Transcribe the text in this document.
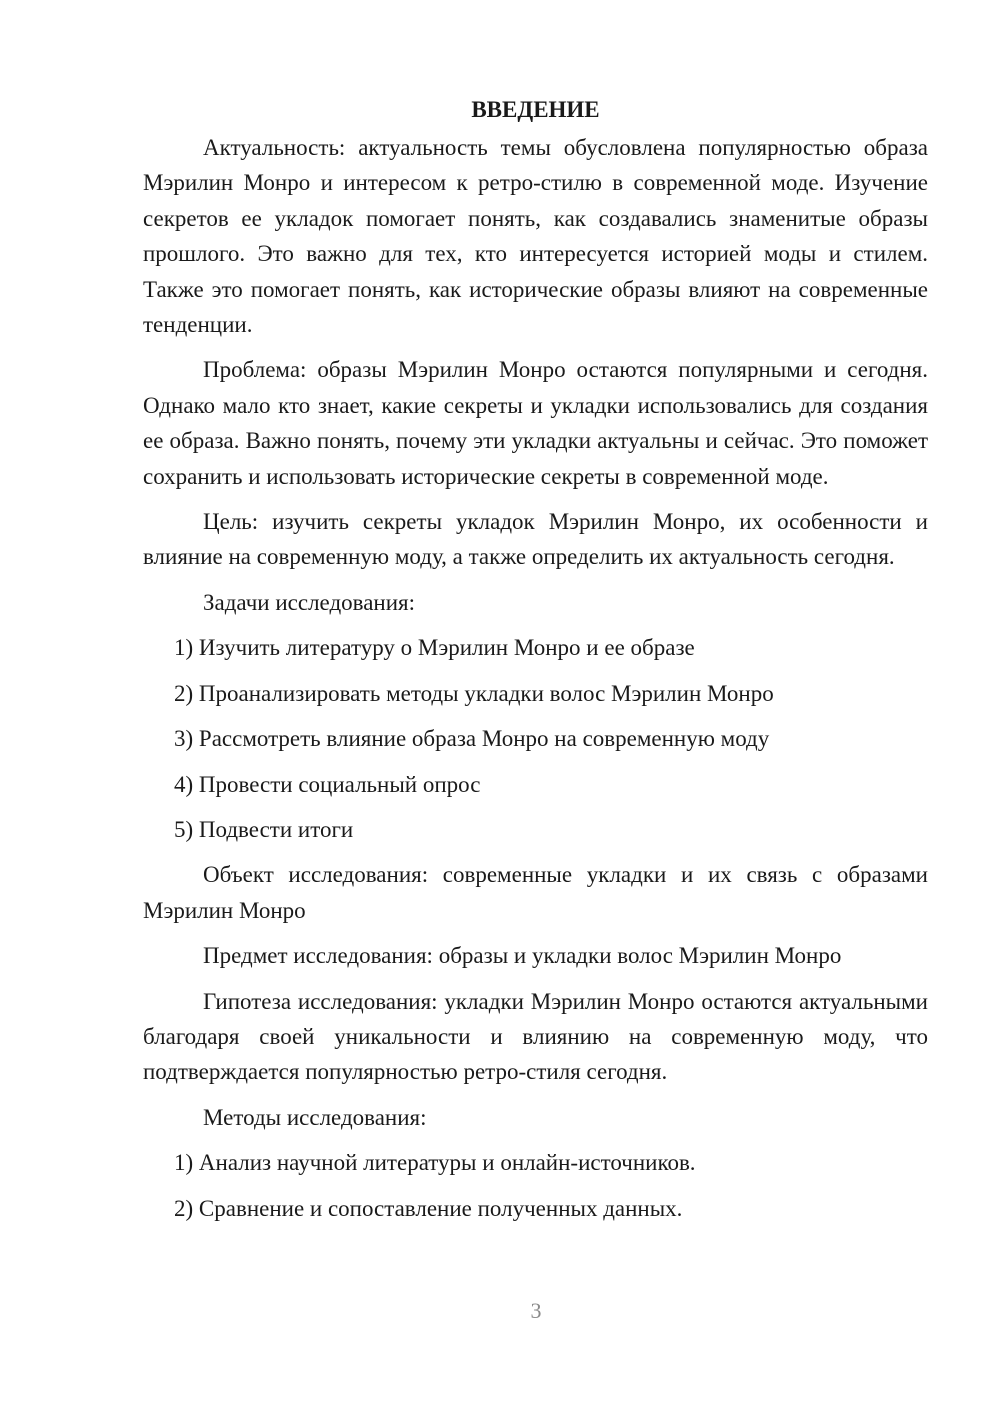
ВВЕДЕНИЕ

Актуальность: актуальность темы обусловлена популярностью образа Мэрилин Монро и интересом к ретро-стилю в современной моде. Изучение секретов ее укладок помогает понять, как создавались знаменитые образы прошлого. Это важно для тех, кто интересуется историей моды и стилем. Также это помогает понять, как исторические образы влияют на современные тенденции.

Проблема: образы Мэрилин Монро остаются популярными и сегодня. Однако мало кто знает, какие секреты и укладки использовались для создания ее образа. Важно понять, почему эти укладки актуальны и сейчас. Это поможет сохранить и использовать исторические секреты в современной моде.

Цель: изучить секреты укладок Мэрилин Монро, их особенности и влияние на современную моду, а также определить их актуальность сегодня.

Задачи исследования:

1) Изучить литературу о Мэрилин Монро и ее образе

2) Проанализировать методы укладки волос Мэрилин Монро

3) Рассмотреть влияние образа Монро на современную моду

4) Провести социальный опрос

5) Подвести итоги

Объект исследования: современные укладки и их связь с образами Мэрилин Монро

Предмет исследования: образы и укладки волос Мэрилин Монро

Гипотеза исследования: укладки Мэрилин Монро остаются актуальными благодаря своей уникальности и влиянию на современную моду, что подтверждается популярностью ретро-стиля сегодня.

Методы исследования:

1) Анализ научной литературы и онлайн-источников.

2) Сравнение и сопоставление полученных данных.

3
